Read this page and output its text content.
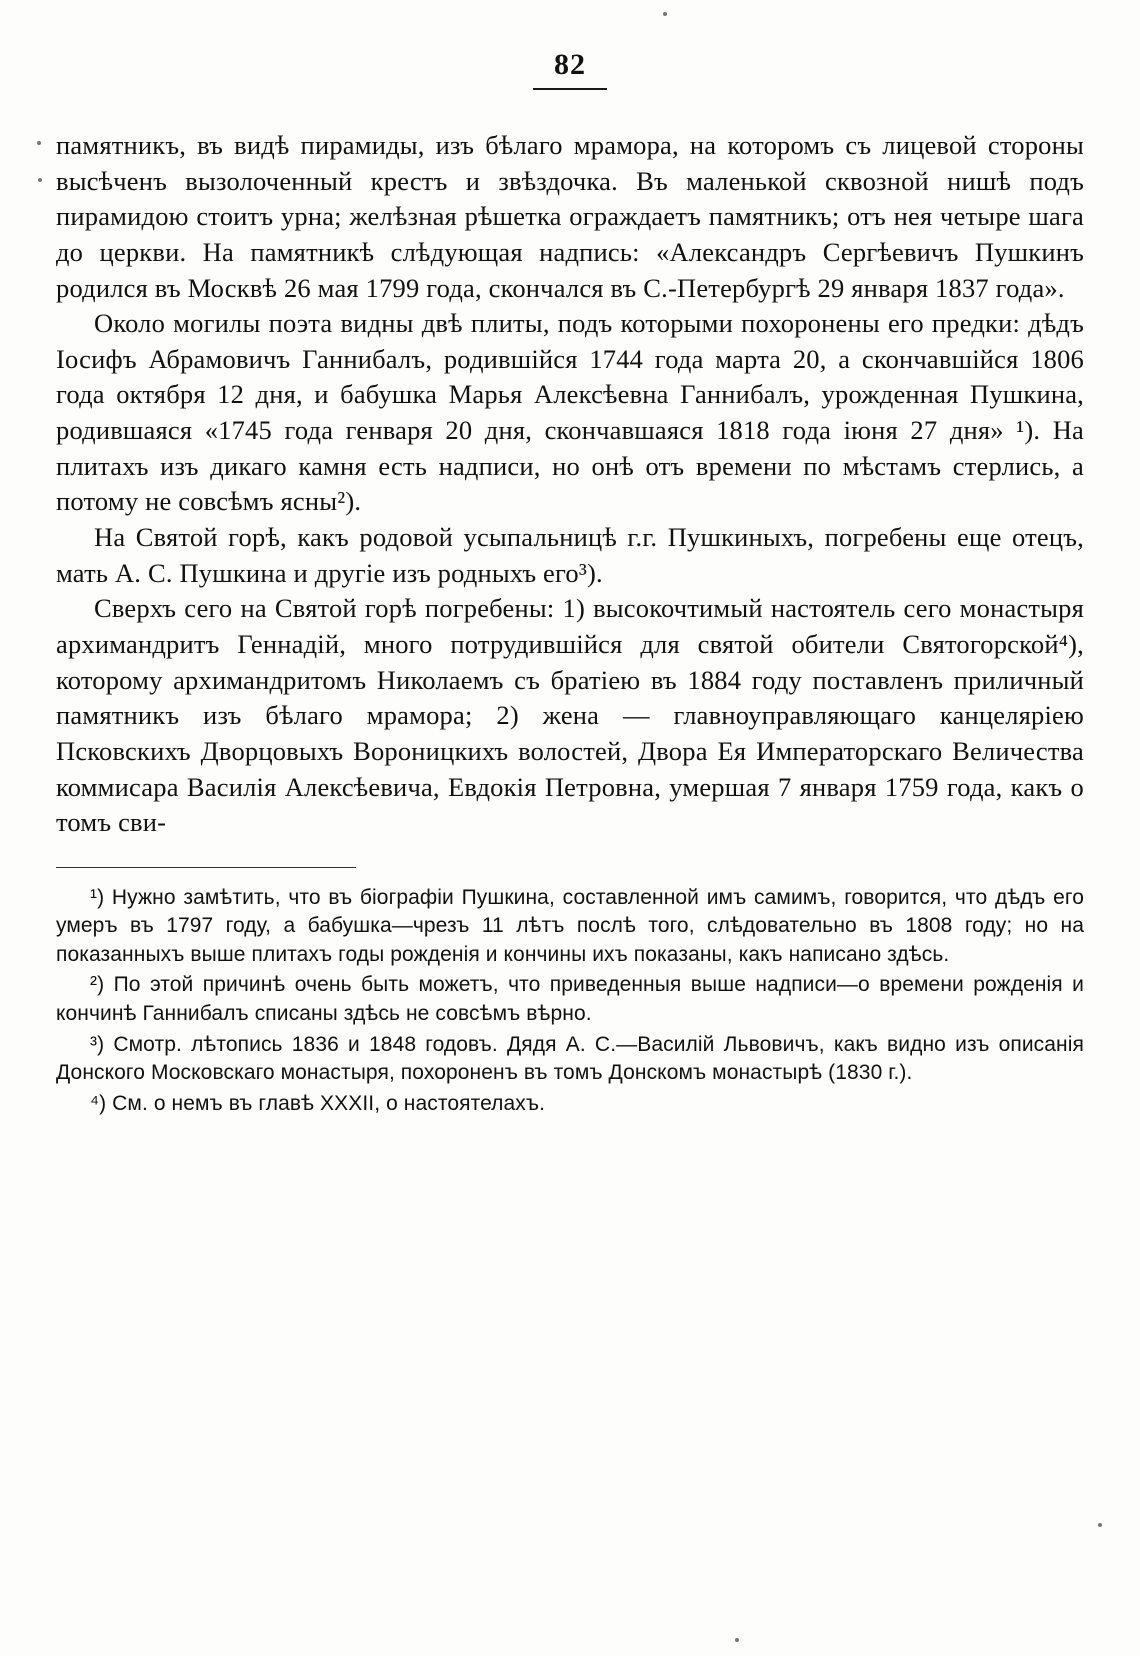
82

памятникъ, въ видѣ пирамиды, изъ бѣлаго мрамора, на которомъ съ лицевой стороны высѣченъ вызолоченный крестъ и звѣздочка. Въ маленькой сквозной нишѣ подъ пирамидою стоитъ урна; желѣзная рѣшетка ограждаетъ памятникъ; отъ нея четыре шага до церкви. На памятникѣ слѣдующая надпись: «Александръ Сергѣевичъ Пушкинъ родился въ Москвѣ 26 мая 1799 года, скончался въ С.-Петербургѣ 29 января 1837 года».

Около могилы поэта видны двѣ плиты, подъ которыми похоронены его предки: дѣдъ Іосифъ Абрамовичъ Ганнибалъ, родившійся 1744 года марта 20, а скончавшійся 1806 года октября 12 дня, и бабушка Марья Алексѣевна Ганнибалъ, урожденная Пушкина, родившаяся «1745 года генваря 20 дня, скончавшаяся 1818 года іюня 27 дня» ¹). На плитахъ изъ дикаго камня есть надписи, но онѣ отъ времени по мѣстамъ стерлись, а потому не совсѣмъ ясны²).

На Святой горѣ, какъ родовой усыпальницѣ г.г. Пушкиныхъ, погребены еще отецъ, мать А. С. Пушкина и другіе изъ родныхъ его³).

Сверхъ сего на Святой горѣ погребены: 1) высокочтимый настоятель сего монастыря архимандритъ Геннадій, много потрудившійся для святой обители Святогорской⁴), которому архимандритомъ Николаемъ съ братіею въ 1884 году поставленъ приличный памятникъ изъ бѣлаго мрамора; 2) жена — главноуправляющаго канцеляріею Псковскихъ Дворцовыхъ Вороницкихъ волостей, Двора Ея Императорскаго Величества коммисара Василія Алексѣевича, Евдокія Петровна, умершая 7 января 1759 года, какъ о томъ сви-

¹) Нужно замѣтить, что въ біографіи Пушкина, составленной имъ самимъ, говорится, что дѣдъ его умеръ въ 1797 году, а бабушка—чрезъ 11 лѣтъ послѣ того, слѣдовательно въ 1808 году; но на показанныхъ выше плитахъ годы рожденія и кончины ихъ показаны, какъ написано здѣсь.

²) По этой причинѣ очень быть можетъ, что приведенныя выше надписи—о времени рожденія и кончинѣ Ганнибалъ списаны здѣсь не совсѣмъ вѣрно.

³) Смотр. лѣтопись 1836 и 1848 годовъ. Дядя А. С.—Василій Львовичъ, какъ видно изъ описанія Донского Московскаго монастыря, похороненъ въ томъ Донскомъ монастырѣ (1830 г.).

⁴) См. о немъ въ главѣ XXXII, о настоятелахъ.
